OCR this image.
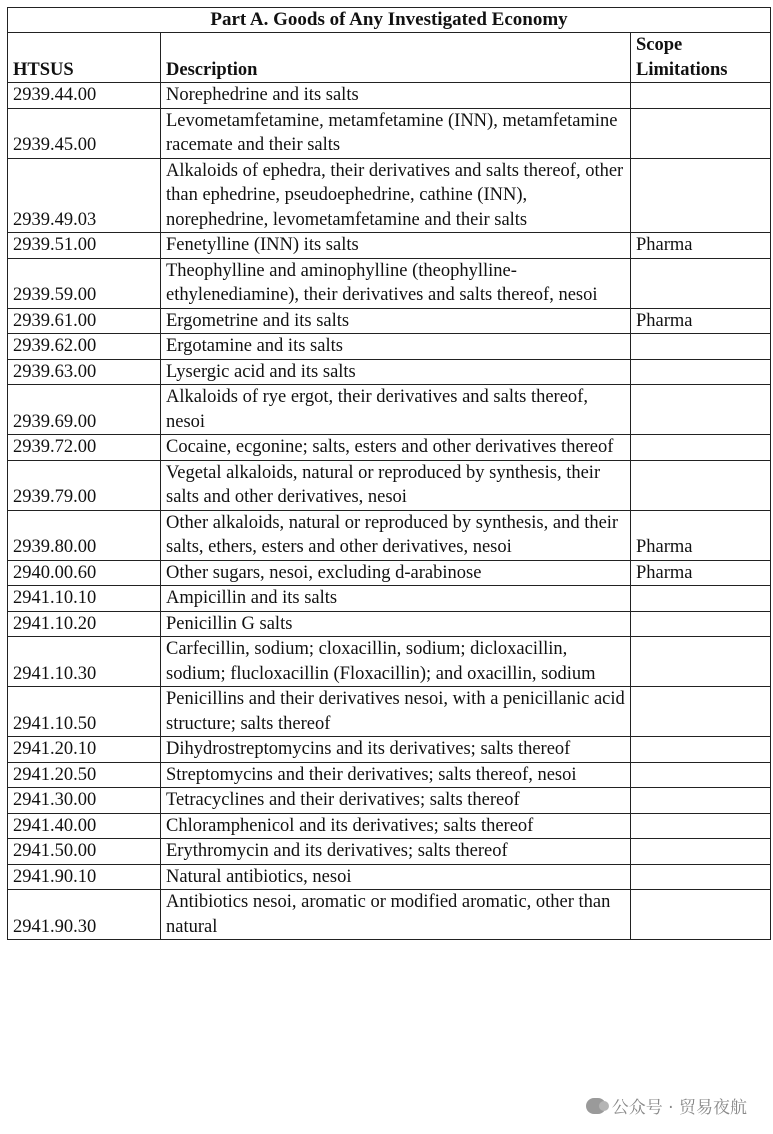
Part A. Goods of Any Investigated Economy		
HTSUS	Description	Scope Limitations
2939.44.00	Norephedrine and its salts	
2939.45.00	Levometamfetamine, metamfetamine (INN), metamfetamine racemate and their salts	
2939.49.03	Alkaloids of ephedra, their derivatives and salts thereof, other than ephedrine, pseudoephedrine, cathine (INN), norephedrine, levometamfetamine and their salts	
2939.51.00	Fenetylline (INN) its salts	Pharma
2939.59.00	Theophylline and aminophylline (theophylline-ethylenediamine), their derivatives and salts thereof, nesoi	
2939.61.00	Ergometrine and its salts	Pharma
2939.62.00	Ergotamine and its salts	
2939.63.00	Lysergic acid and its salts	
2939.69.00	Alkaloids of rye ergot, their derivatives and salts thereof, nesoi	
2939.72.00	Cocaine, ecgonine; salts, esters and other derivatives thereof	
2939.79.00	Vegetal alkaloids, natural or reproduced by synthesis, their salts and other derivatives, nesoi	
2939.80.00	Other alkaloids, natural or reproduced by synthesis, and their salts, ethers, esters and other derivatives, nesoi	Pharma
2940.00.60	Other sugars, nesoi, excluding d-arabinose	Pharma
2941.10.10	Ampicillin and its salts	
2941.10.20	Penicillin G salts	
2941.10.30	Carfecillin, sodium; cloxacillin, sodium; dicloxacillin, sodium; flucloxacillin (Floxacillin); and oxacillin, sodium	
2941.10.50	Penicillins and their derivatives nesoi, with a penicillanic acid structure; salts thereof	
2941.20.10	Dihydrostreptomycins and its derivatives; salts thereof	
2941.20.50	Streptomycins and their derivatives; salts thereof, nesoi	
2941.30.00	Tetracyclines and their derivatives; salts thereof	
2941.40.00	Chloramphenicol and its derivatives; salts thereof	
2941.50.00	Erythromycin and its derivatives; salts thereof	
2941.90.10	Natural antibiotics, nesoi	
2941.90.30	Antibiotics nesoi, aromatic or modified aromatic, other than natural	
公众号 · 贸易夜航
